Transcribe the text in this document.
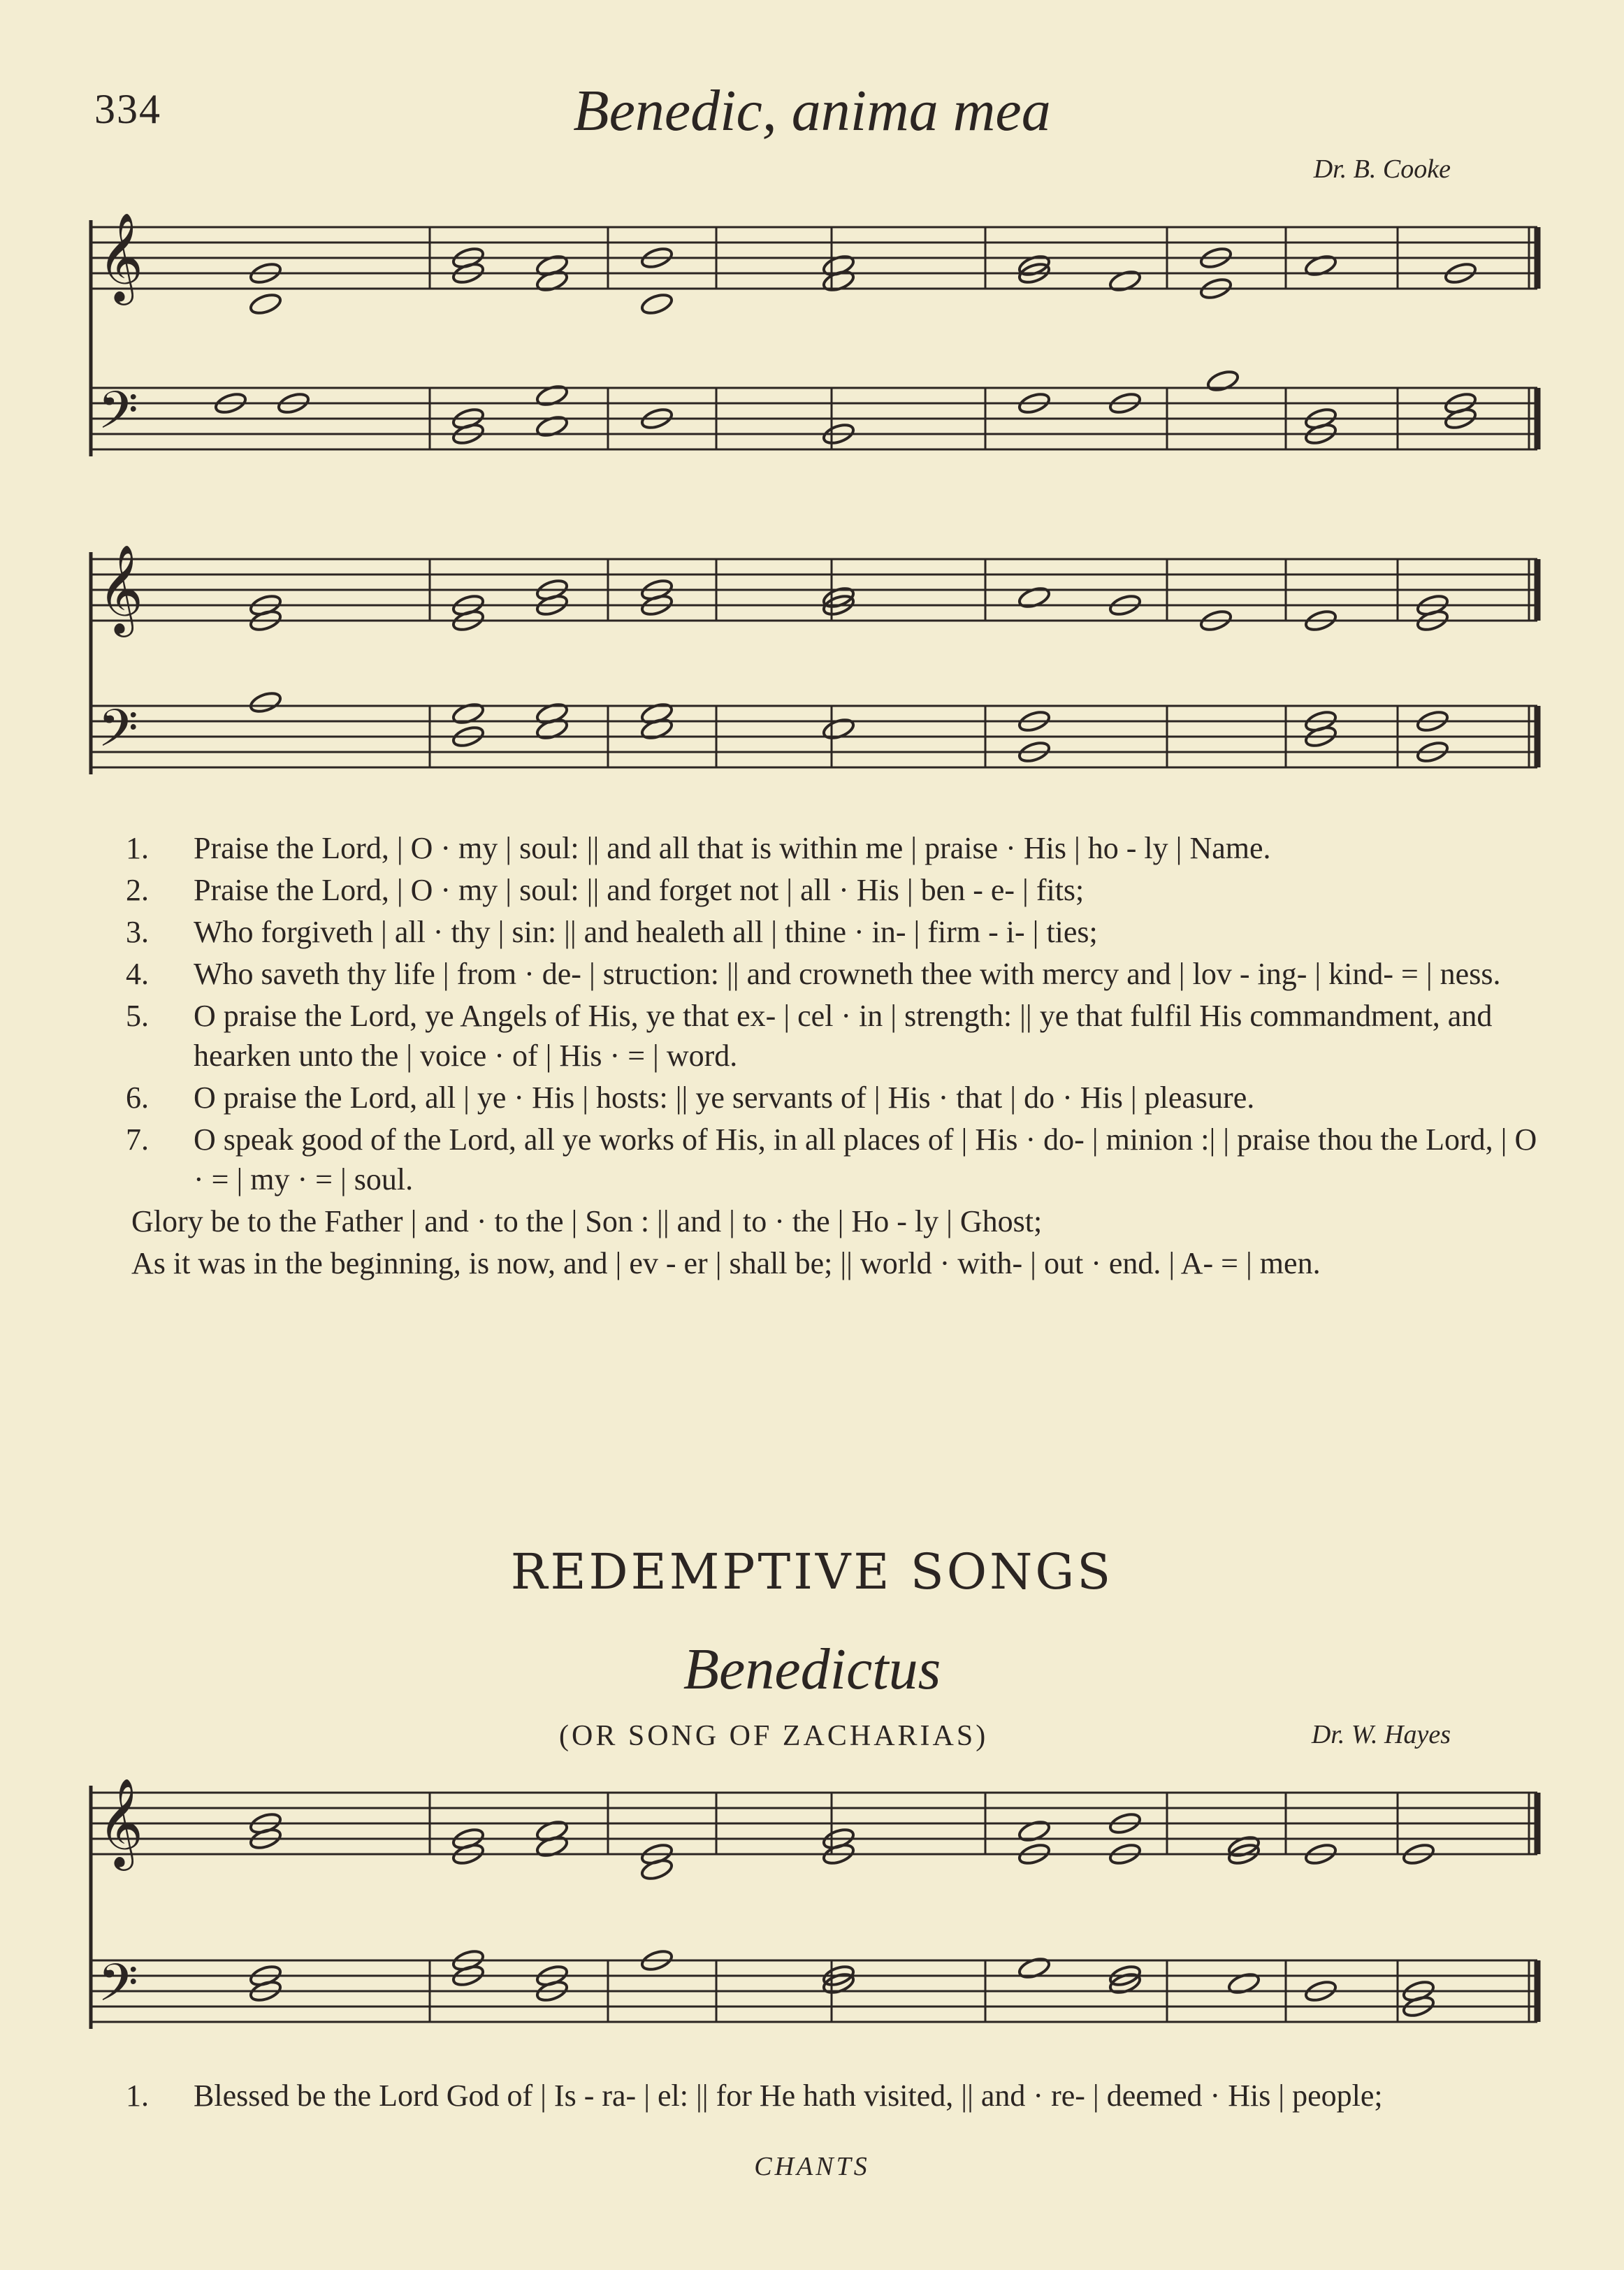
334	Benedic, anima mea
Dr. B. Cooke
𝄞
𝄢
𝄞
𝄢
1. Praise the Lord, | O · my | soul: || and all that is within me | praise · His | ho - ly | Name.
2. Praise the Lord, | O · my | soul: || and forget not | all · His | ben - e- | fits;
3. Who forgiveth | all · thy | sin: || and healeth all | thine · in- | firm - i- | ties;
4. Who saveth thy life | from · de- | struction: || and crowneth thee with mercy and | lov - ing- | kind- = | ness.
5. O praise the Lord, ye Angels of His, ye that ex- | cel · in | strength: || ye that fulfil His commandment, and hearken unto the | voice · of | His · = | word.
6. O praise the Lord, all | ye · His | hosts: || ye servants of | His · that | do · His | pleasure.
7. O speak good of the Lord, all ye works of His, in all places of | His · do- | minion :| | praise thou the Lord, | O · = | my · = | soul.
Glory be to the Father | and · to the | Son : || and | to · the | Ho - ly | Ghost;
As it was in the beginning, is now, and | ev - er | shall be; || world · with- | out · end. | A- = | men.
REDEMPTIVE SONGS
Benedictus
(OR SONG OF ZACHARIAS)	Dr. W. Hayes
𝄞
𝄢
1. Blessed be the Lord God of | Is - ra- | el: || for He hath visited, || and · re- | deemed · His | people;
CHANTS
